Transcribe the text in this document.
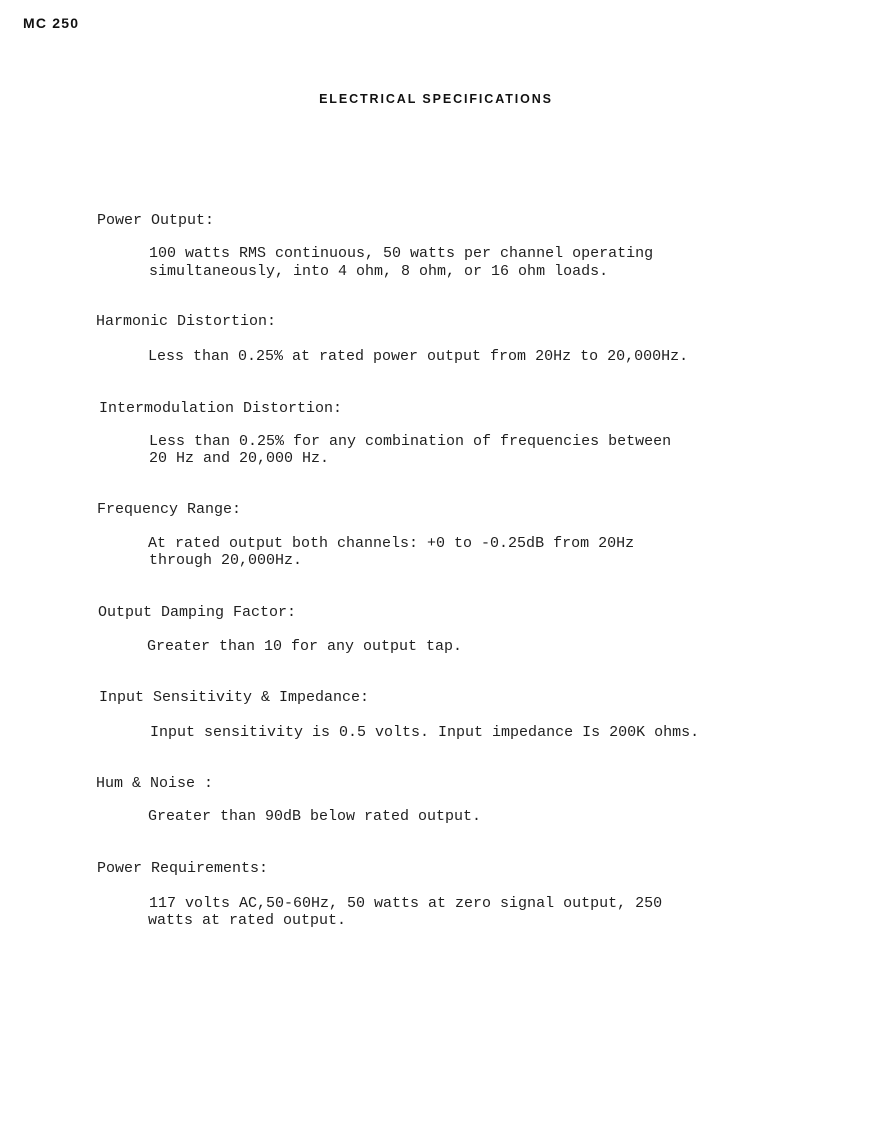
MC 250
ELECTRICAL SPECIFICATIONS
Power Output:
100 watts RMS continuous, 50 watts per channel operating
simultaneously, into 4 ohm, 8 ohm, or 16 ohm loads.
Harmonic Distortion:
Less than 0.25% at rated power output from 20Hz to 20,000Hz.
Intermodulation Distortion:
Less than 0.25% for any combination of frequencies between
20 Hz and 20,000 Hz.
Frequency Range:
At rated output both channels: +0 to -0.25dB from 20Hz
through 20,000Hz.
Output Damping Factor:
Greater than 10 for any output tap.
Input Sensitivity & Impedance:
Input sensitivity is 0.5 volts. Input impedance Is 200K ohms.
Hum & Noise :
Greater than 90dB below rated output.
Power Requirements:
117 volts AC,50-60Hz, 50 watts at zero signal output, 250
watts at rated output.
